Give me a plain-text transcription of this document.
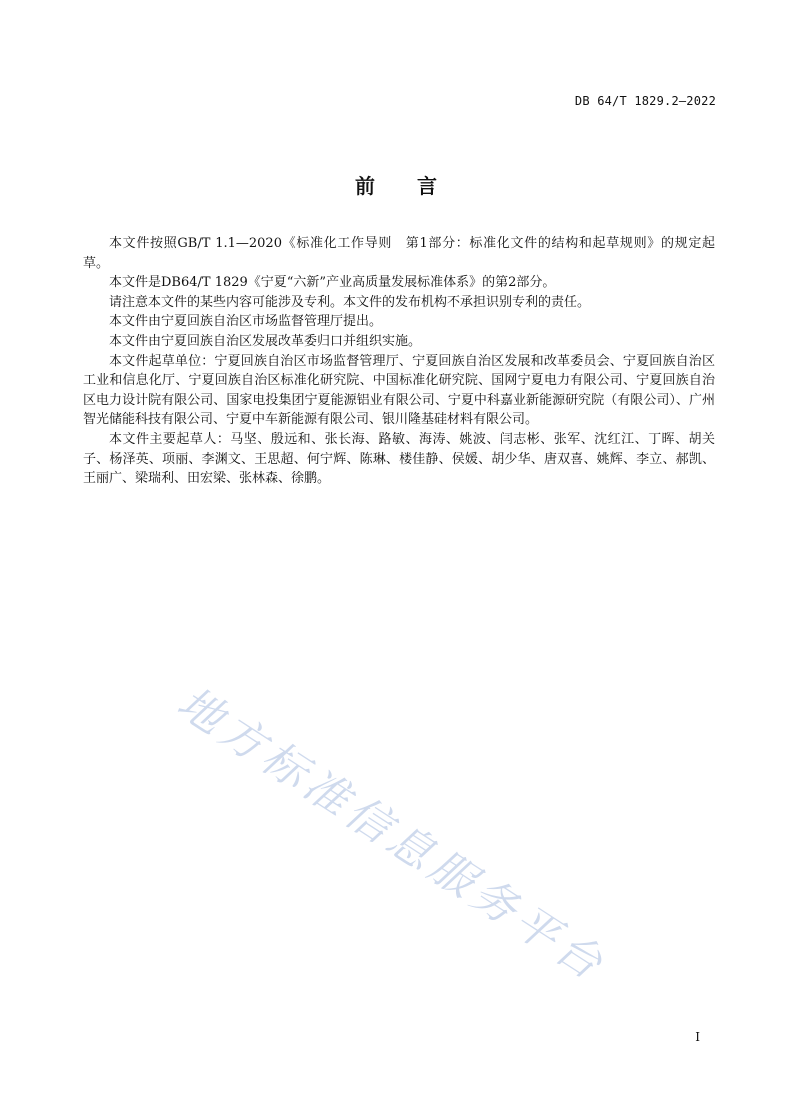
DB 64/T 1829.2—2022
前 言

本文件按照GB/T 1.1—2020《标准化工作导则　第1部分：标准化文件的结构和起草规则》的规定起草。

本文件是DB64/T 1829《宁夏“六新”产业高质量发展标准体系》的第2部分。

请注意本文件的某些内容可能涉及专利。本文件的发布机构不承担识别专利的责任。

本文件由宁夏回族自治区市场监督管理厅提出。

本文件由宁夏回族自治区发展改革委归口并组织实施。

本文件起草单位：宁夏回族自治区市场监督管理厅、宁夏回族自治区发展和改革委员会、宁夏回族自治区工业和信息化厅、宁夏回族自治区标准化研究院、中国标准化研究院、国网宁夏电力有限公司、宁夏回族自治区电力设计院有限公司、国家电投集团宁夏能源铝业有限公司、宁夏中科嘉业新能源研究院（有限公司）、广州智光储能科技有限公司、宁夏中车新能源有限公司、银川隆基硅材料有限公司。

本文件主要起草人：马坚、殷远和、张长海、路敏、海涛、姚波、闫志彬、张军、沈红江、丁晖、胡关子、杨泽英、项丽、李渊文、王思超、何宁辉、陈琳、楼佳静、侯媛、胡少华、唐双喜、姚辉、李立、郝凯、王丽广、梁瑞利、田宏梁、张林森、徐鹏。

地方标准信息服务平台
I
